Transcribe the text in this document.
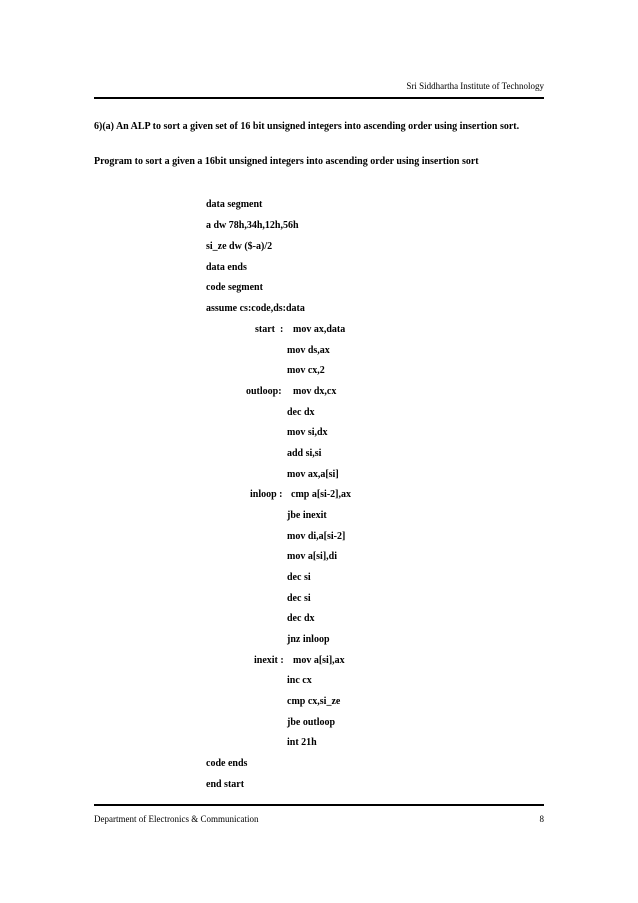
Sri Siddhartha Institute of Technology
6)(a) An ALP to sort a given set of 16 bit unsigned integers into ascending order using insertion sort.
Program to sort a given a 16bit unsigned integers into ascending order using insertion sort
data segment
a dw 78h,34h,12h,56h
si_ze dw ($-a)/2
data ends
code segment
assume cs:code,ds:data
start  : mov ax,data
mov ds,ax
mov cx,2
outloop: mov dx,cx
dec dx
mov si,dx
add si,si
mov ax,a[si]
inloop : cmp a[si-2],ax
jbe inexit
mov di,a[si-2]
mov a[si],di
dec si
dec si
dec dx
jnz inloop
inexit : mov a[si],ax
inc cx
cmp cx,si_ze
jbe outloop
int 21h
code ends
end start
Department of Electronics & Communication	8
